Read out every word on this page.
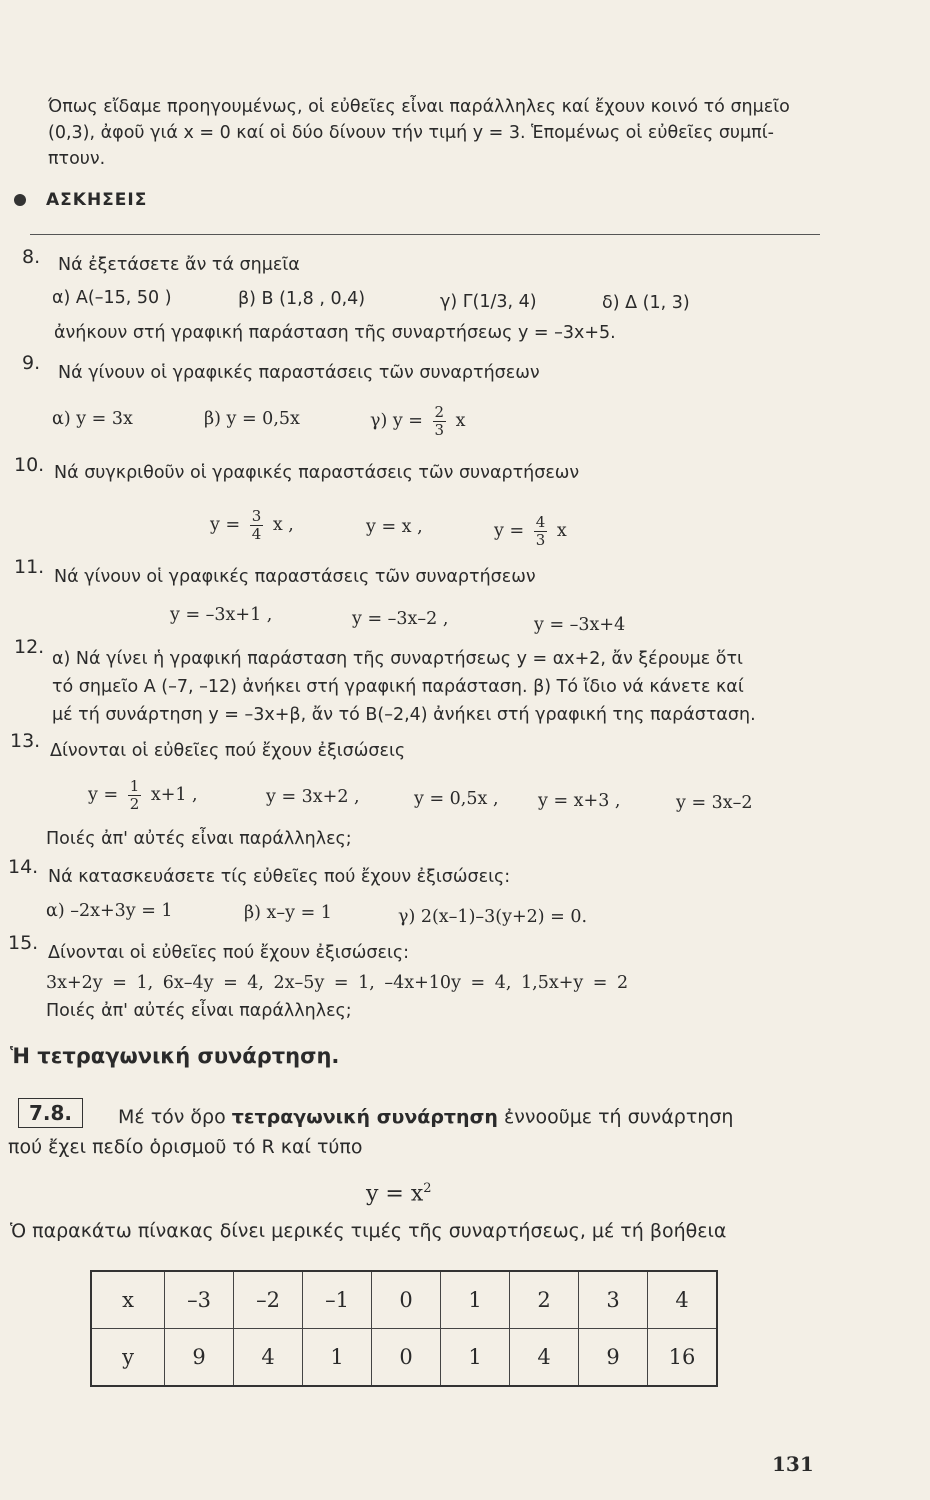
Όπως εἴδαμε προηγουμένως, οἱ εὐθεῖες εἶναι παράλληλες καί ἔχουν κοινό τό σημεῖο
(0,3), ἀφοῦ γιά x = 0 καί οἱ δύο δίνουν τήν τιμή y = 3. Ἑπομένως οἱ εὐθεῖες συμπί-
πτουν.
ΑΣΚΗΣΕΙΣ
8. Νά ἐξετάσετε ἄν τά σημεῖα
α) Α(–15, 50 )	β) Β (1,8 , 0,4)	γ) Γ(1/3, 4)	δ) Δ (1, 3)
ἀνήκουν στή γραφική παράσταση τῆς συναρτήσεως y = –3x+5.
9. Νά γίνουν οἱ γραφικές παραστάσεις τῶν συναρτήσεων
α) y = 3x	β) y = 0,5x	γ) $y = \frac{2}{3}$ x
10. Νά συγκριθοῦν οἱ γραφικές παραστάσεις τῶν συναρτήσεων
$y = \frac{3}{4}$ x ,	y = x ,	$y = \frac{4}{3}$ x
11. Νά γίνουν οἱ γραφικές παραστάσεις τῶν συναρτήσεων
y = –3x+1 ,	y = –3x–2 ,	y = –3x+4
12.
α) Νά γίνει ἡ γραφική παράσταση τῆς συναρτήσεως y = αx+2, ἄν ξέρουμε ὅτι
τό σημεῖο Α (–7, –12) ἀνήκει στή γραφική παράσταση. β) Τό ἴδιο νά κάνετε καί
μέ τή συνάρτηση y = –3x+β, ἄν τό Β(–2,4) ἀνήκει στή γραφική της παράσταση.
13. Δίνονται οἱ εὐθεῖες πού ἔχουν ἐξισώσεις
$y = \frac{1}{2} x+1$ ,	y = 3x+2 ,	y = 0,5x , y = x+3 ,	y = 3x–2
Ποιές ἀπ' αὐτές εἶναι παράλληλες;
14. Νά κατασκευάσετε τίς εὐθεῖες πού ἔχουν ἐξισώσεις:
α) –2x+3y = 1	β) x–y = 1	γ) 2(x–1)–3(y+2) = 0.
15. Δίνονται οἱ εὐθεῖες πού ἔχουν ἐξισώσεις:
3x+2y = 1, 6x–4y = 4, 2x–5y = 1, –4x+10y = 4, 1,5x+y = 2
Ποιές ἀπ' αὐτές εἶναι παράλληλες;
Ἡ τετραγωνική συνάρτηση.
7.8.	Μέ τόν ὅρο τετραγωνική συνάρτηση ἐννοοῦμε τή συνάρτηση
πού ἔχει πεδίο ὁρισμοῦ τό R καί τύπο
$y = x^2$
Ὁ παρακάτω πίνακας δίνει μερικές τιμές τῆς συναρτήσεως, μέ τή βοήθεια
x	–3	–2	–1	0	1	2	3	4
y	9	4	1	0	1	4	9	16
131
